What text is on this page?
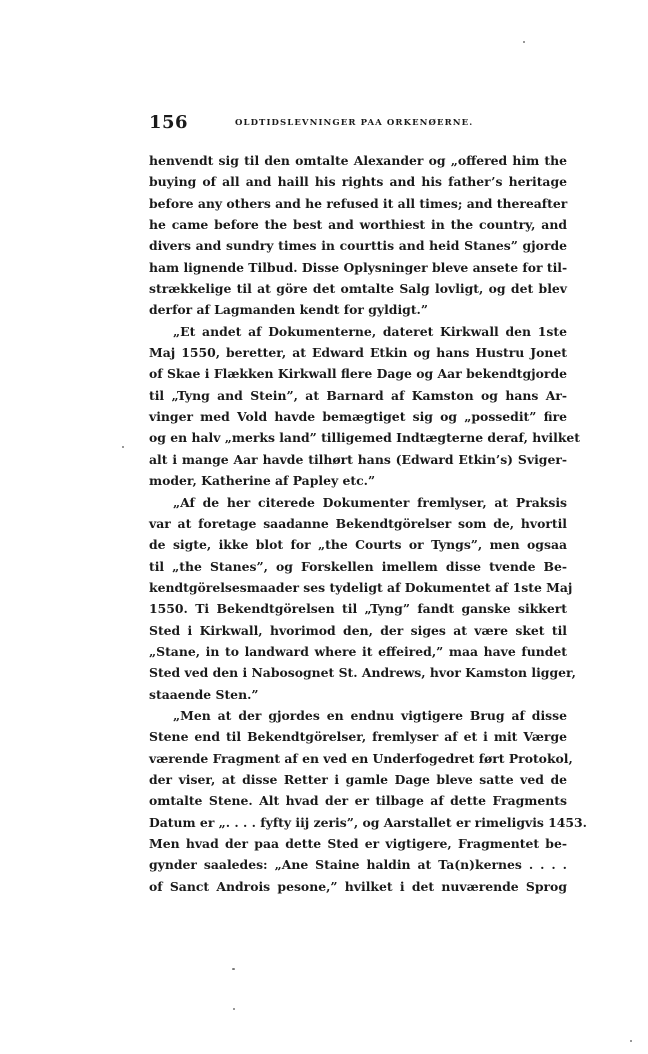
156	OLDTIDSLEVNINGER PAA ORKENØERNE.
henvendt sig til den omtalte Alexander og „offered him the
buying of all and haill his rights and his father’s heritage
before any others and he refused it all times; and thereafter
he came before the best and worthiest in the country, and
divers and sundry times in courttis and heid Stanes” gjorde
ham lignende Tilbud. Disse Oplysninger bleve ansete for til-
strækkelige til at göre det omtalte Salg lovligt, og det blev
derfor af Lagmanden kendt for gyldigt.”
„Et andet af Dokumenterne, dateret Kirkwall den 1ste
Maj 1550, beretter, at Edward Etkin og hans Hustru Jonet
of Skae i Flækken Kirkwall flere Dage og Aar bekendtgjorde
til „Tyng and Stein”, at Barnard af Kamston og hans Ar-
vinger med Vold havde bemægtiget sig og „possedit” fire
og en halv „merks land” tilligemed Indtægterne deraf, hvilket
alt i mange Aar havde tilhørt hans (Edward Etkin’s) Sviger-
moder, Katherine af Papley etc.”
„Af de her citerede Dokumenter fremlyser, at Praksis
var at foretage saadanne Bekendtgörelser som de, hvortil
de sigte, ikke blot for „the Courts or Tyngs”, men ogsaa
til „the Stanes”, og Forskellen imellem disse tvende Be-
kendtgörelsesmaader ses tydeligt af Dokumentet af 1ste Maj
1550. Ti Bekendtgörelsen til „Tyng” fandt ganske sikkert
Sted i Kirkwall, hvorimod den, der siges at være sket til
„Stane, in to landward where it effeired,” maa have fundet
Sted ved den i Nabosognet St. Andrews, hvor Kamston ligger,
staaende Sten.”
„Men at der gjordes en endnu vigtigere Brug af disse
Stene end til Bekendtgörelser, fremlyser af et i mit Værge
værende Fragment af en ved en Underfogedret ført Protokol,
der viser, at disse Retter i gamle Dage bleve satte ved de
omtalte Stene. Alt hvad der er tilbage af dette Fragments
Datum er „. . . . fyfty iij zeris”, og Aarstallet er rimeligvis 1453.
Men hvad der paa dette Sted er vigtigere, Fragmentet be-
gynder saaledes: „Ane Staine haldin at Ta(n)kernes . . . .
of Sanct Androis pesone,” hvilket i det nuværende Sprog
